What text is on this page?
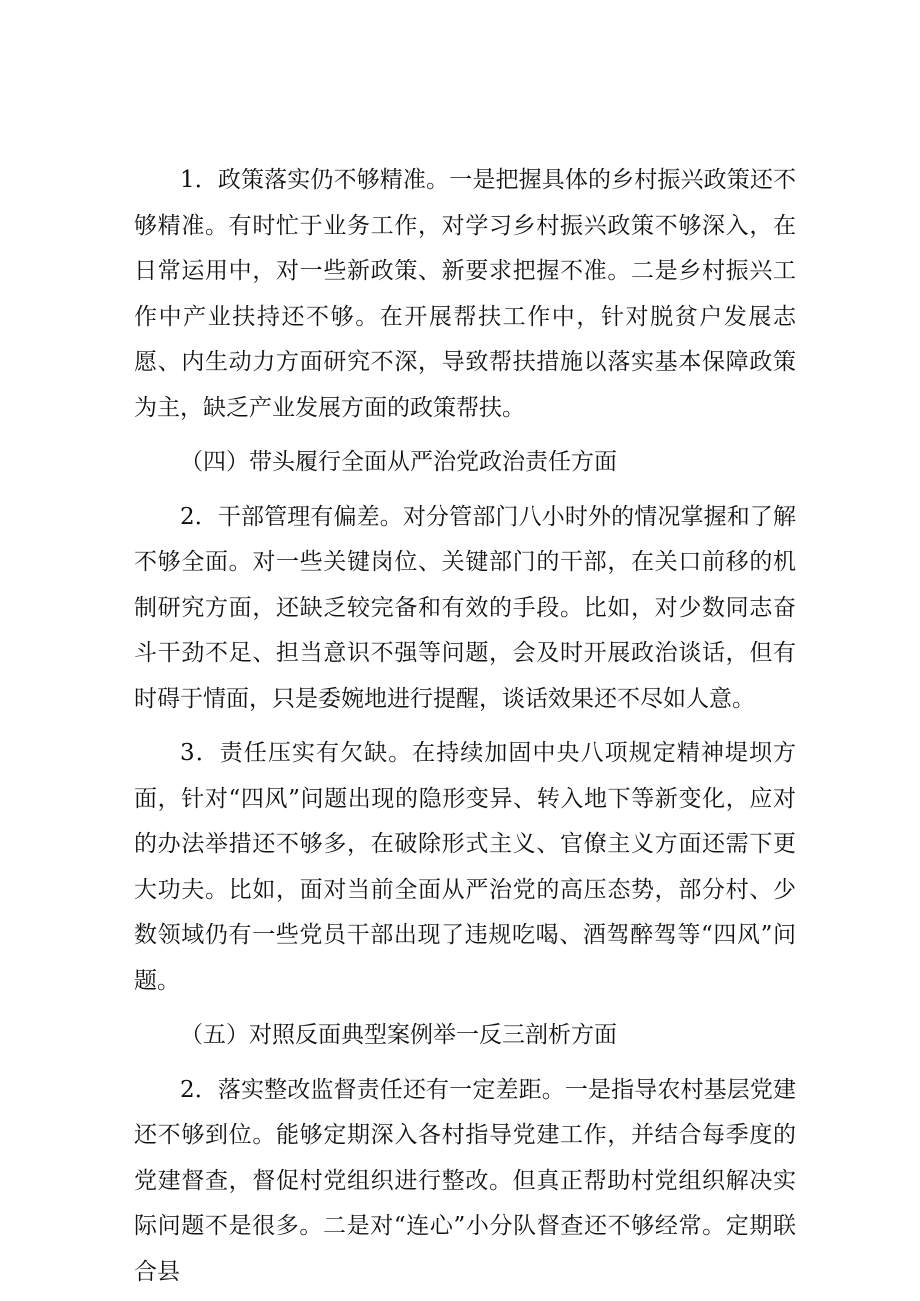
1．政策落实仍不够精准。一是把握具体的乡村振兴政策还不够精准。有时忙于业务工作，对学习乡村振兴政策不够深入，在日常运用中，对一些新政策、新要求把握不准。二是乡村振兴工作中产业扶持还不够。在开展帮扶工作中，针对脱贫户发展志愿、内生动力方面研究不深，导致帮扶措施以落实基本保障政策为主，缺乏产业发展方面的政策帮扶。

（四）带头履行全面从严治党政治责任方面

2．干部管理有偏差。对分管部门八小时外的情况掌握和了解不够全面。对一些关键岗位、关键部门的干部，在关口前移的机制研究方面，还缺乏较完备和有效的手段。比如，对少数同志奋斗干劲不足、担当意识不强等问题，会及时开展政治谈话，但有时碍于情面，只是委婉地进行提醒，谈话效果还不尽如人意。

3．责任压实有欠缺。在持续加固中央八项规定精神堤坝方面，针对“四风”问题出现的隐形变异、转入地下等新变化，应对的办法举措还不够多，在破除形式主义、官僚主义方面还需下更大功夫。比如，面对当前全面从严治党的高压态势，部分村、少数领域仍有一些党员干部出现了违规吃喝、酒驾醉驾等“四风”问题。

（五）对照反面典型案例举一反三剖析方面

2．落实整改监督责任还有一定差距。一是指导农村基层党建还不够到位。能够定期深入各村指导党建工作，并结合每季度的党建督查，督促村党组织进行整改。但真正帮助村党组织解决实际问题不是很多。二是对“连心”小分队督查还不够经常。定期联合县
